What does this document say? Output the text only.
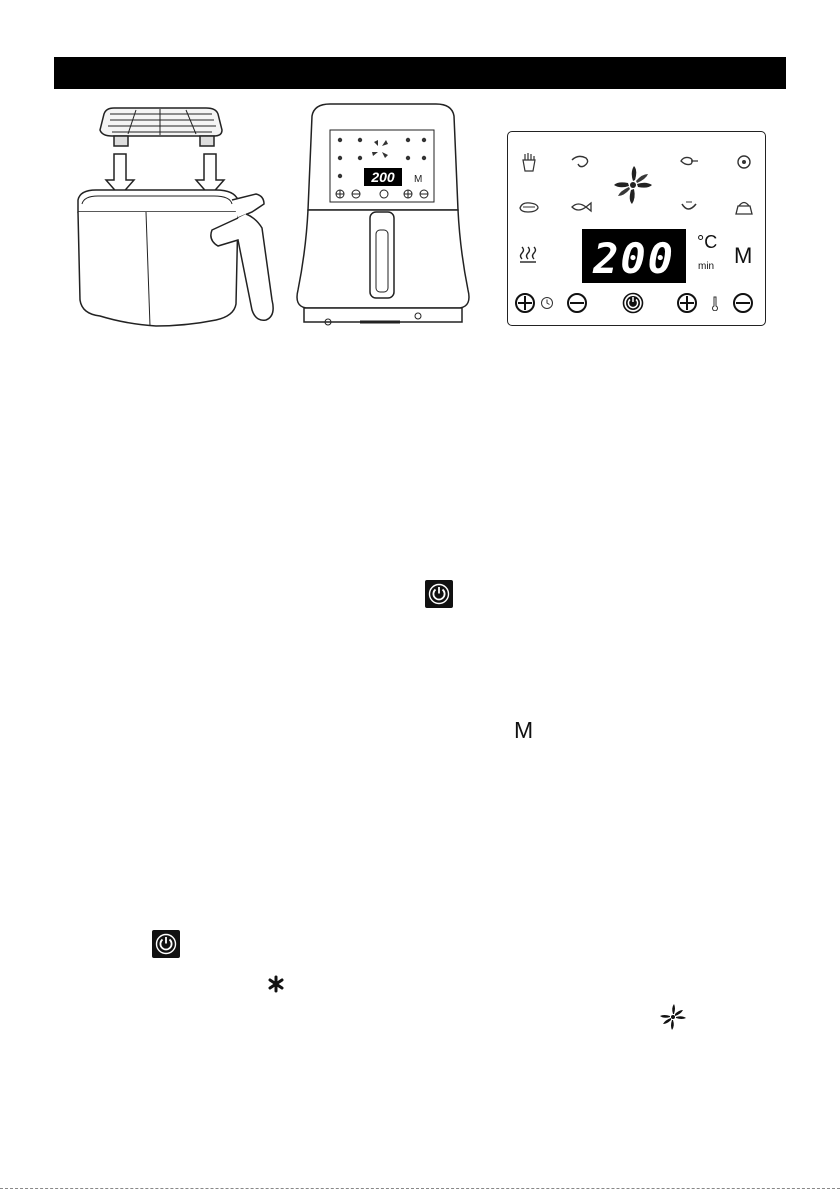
200 M
°C
min M
200
M
